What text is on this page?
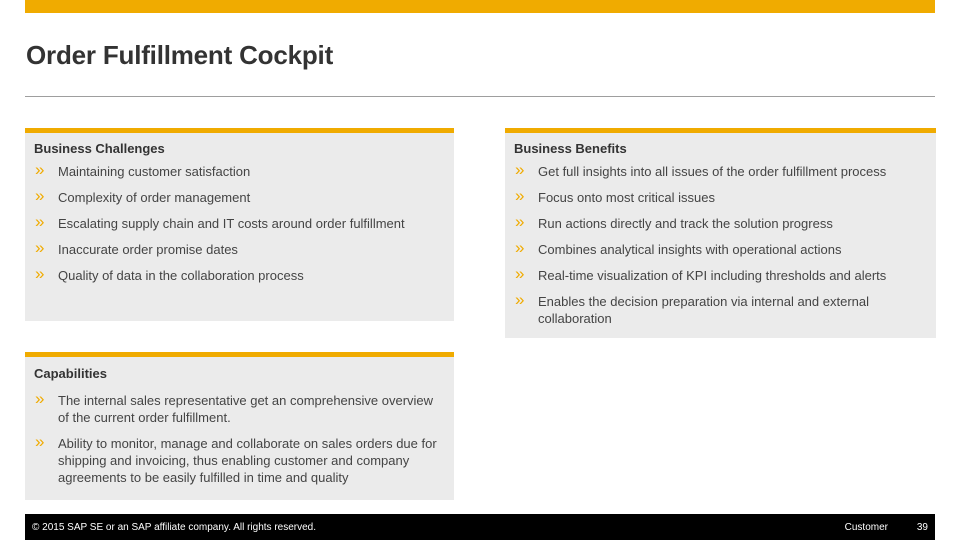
Order Fulfillment Cockpit
Business Challenges
» Maintaining customer satisfaction
» Complexity of order management
» Escalating supply chain and IT costs around order fulfillment
» Inaccurate order promise dates
» Quality of data in the collaboration process
Business Benefits
» Get full insights into all issues of the order fulfillment process
» Focus onto most critical issues
» Run actions directly and track the solution progress
» Combines analytical insights with operational actions
» Real-time visualization of KPI including thresholds and alerts
» Enables the decision preparation via internal and external collaboration
Capabilities
» The internal sales representative get an comprehensive overview of the current order fulfillment.
» Ability to monitor, manage and collaborate on sales orders due for shipping and invoicing, thus enabling customer and company agreements to be easily fulfilled in time and quality
© 2015 SAP SE or an SAP affiliate company. All rights reserved.	Customer	39
